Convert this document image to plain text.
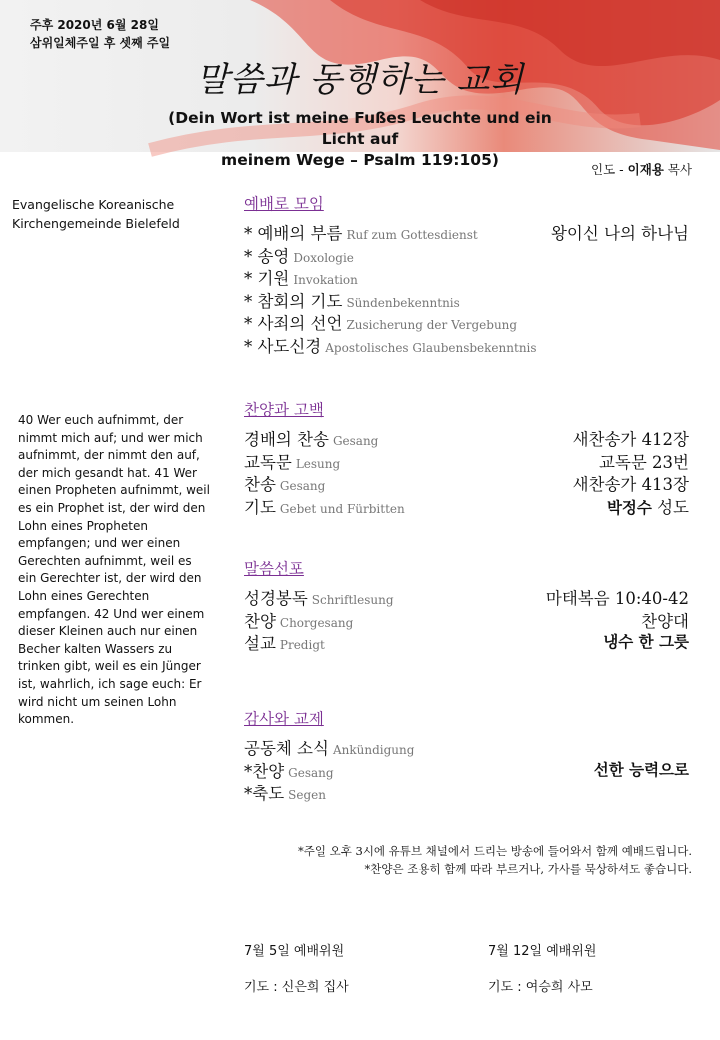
주후 2020년 6월 28일
삼위일체주일 후 셋째 주일
말씀과 동행하는 교회
(Dein Wort ist meine Fußes Leuchte und ein Licht auf
meinem Wege – Psalm 119:105)
인도 - 이재용 목사
Evangelische Koreanische
Kirchengemeinde Bielefeld
40 Wer euch aufnimmt, der nimmt mich auf; und wer mich aufnimmt, der nimmt den auf, der mich gesandt hat. 41 Wer einen Propheten aufnimmt, weil es ein Prophet ist, der wird den Lohn eines Propheten empfangen; und wer einen Gerechten aufnimmt, weil es ein Gerechter ist, der wird den Lohn eines Gerechten empfangen. 42 Und wer einem dieser Kleinen auch nur einen Becher kalten Wassers zu trinken gibt, weil es ein Jünger ist, wahrlich, ich sage euch: Er wird nicht um seinen Lohn kommen.
예배로 모임
* 예배의 부름 Ruf zum Gottesdienst	왕이신 나의 하나님
* 송영 Doxologie
* 기원 Invokation
* 참회의 기도 Sündenbekenntnis
* 사죄의 선언 Zusicherung der Vergebung
* 사도신경 Apostolisches Glaubensbekenntnis
찬양과 고백
경배의 찬송 Gesang	새찬송가 412장
교독문 Lesung	교독문 23번
찬송 Gesang	새찬송가 413장
기도 Gebet und Fürbitten	박정수 성도
말씀선포
성경봉독 Schriftlesung	마태복음 10:40-42
찬양 Chorgesang	찬양대
설교 Predigt	냉수 한 그릇
감사와 교제
공동체 소식 Ankündigung
*찬양 Gesang	선한 능력으로
*축도 Segen
*주일 오후 3시에 유튜브 채널에서 드리는 방송에 들어와서 함께 예배드립니다.
*찬양은 조용히 함께 따라 부르거나, 가사를 묵상하셔도 좋습니다.
7월 5일 예배위원
기도 : 신은희 집사
7월 12일 예배위원
기도 : 여승희 사모
